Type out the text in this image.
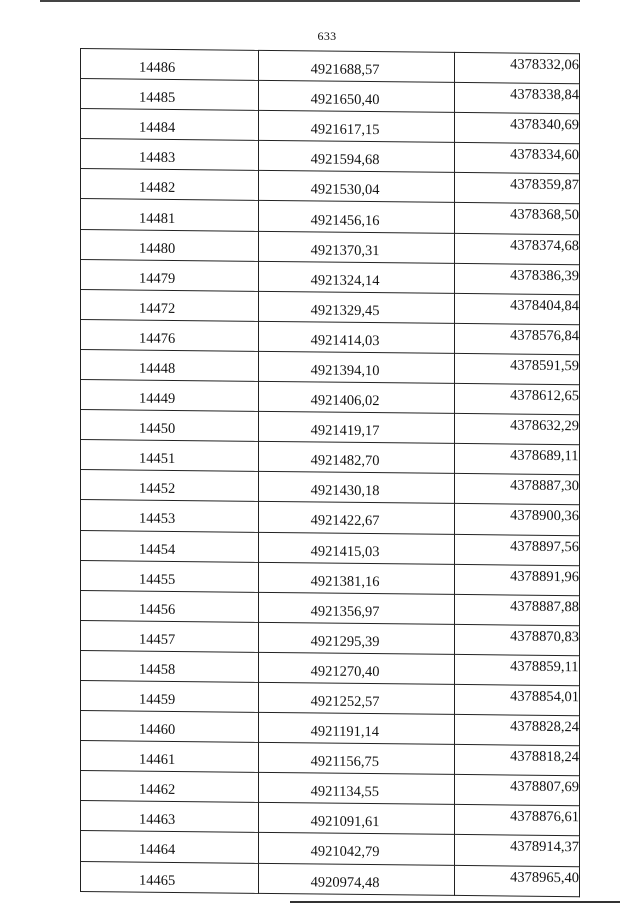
633
14486	4921688,57	4378332,06
14485	4921650,40	4378338,84
14484	4921617,15	4378340,69
14483	4921594,68	4378334,60
14482	4921530,04	4378359,87
14481	4921456,16	4378368,50
14480	4921370,31	4378374,68
14479	4921324,14	4378386,39
14472	4921329,45	4378404,84
14476	4921414,03	4378576,84
14448	4921394,10	4378591,59
14449	4921406,02	4378612,65
14450	4921419,17	4378632,29
14451	4921482,70	4378689,11
14452	4921430,18	4378887,30
14453	4921422,67	4378900,36
14454	4921415,03	4378897,56
14455	4921381,16	4378891,96
14456	4921356,97	4378887,88
14457	4921295,39	4378870,83
14458	4921270,40	4378859,11
14459	4921252,57	4378854,01
14460	4921191,14	4378828,24
14461	4921156,75	4378818,24
14462	4921134,55	4378807,69
14463	4921091,61	4378876,61
14464	4921042,79	4378914,37
14465	4920974,48	4378965,40
